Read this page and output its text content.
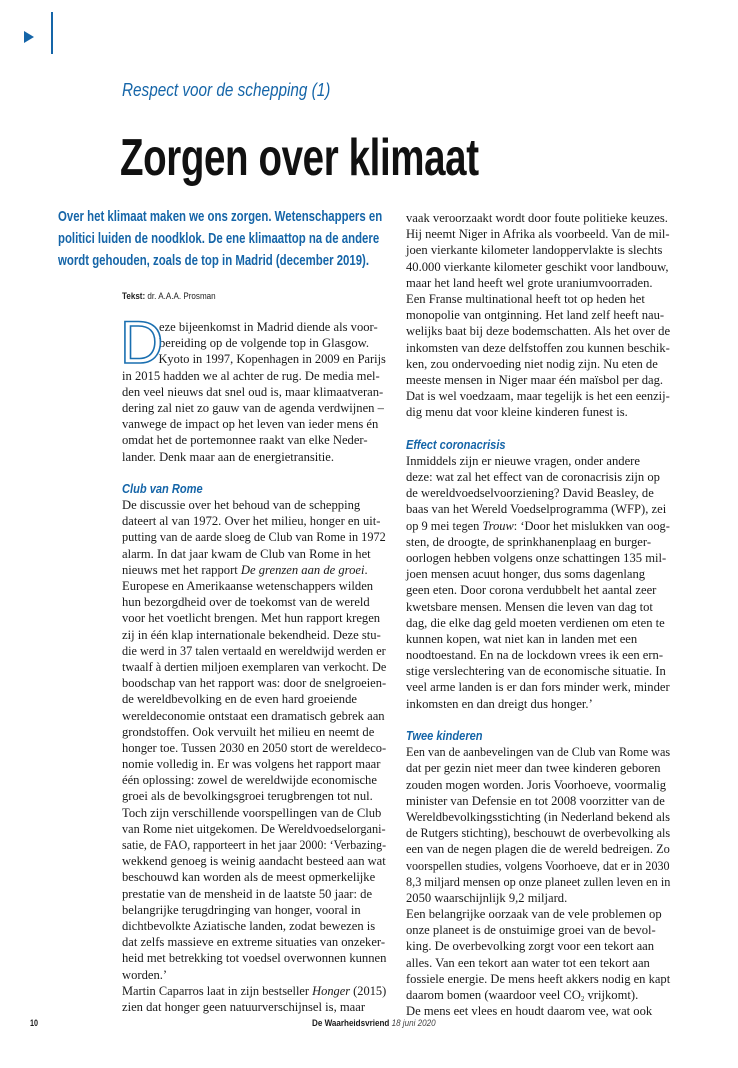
Respect voor de schepping (1)
Zorgen over klimaat
Over het klimaat maken we ons zorgen. Wetenschappers en
politici luiden de noodklok. De ene klimaattop na de andere
wordt gehouden, zoals de top in Madrid (december 2019).
Tekst: dr. A.A.A. Prosman
D
eze bijeenkomst in Madrid diende als voor-
bereiding op de volgende top in Glasgow.
Kyoto in 1997, Kopenhagen in 2009 en Parijs
in 2015 hadden we al achter de rug. De media mel-
den veel nieuws dat snel oud is, maar klimaatveran-
dering zal niet zo gauw van de agenda verdwijnen –
vanwege de impact op het leven van ieder mens én
omdat het de portemonnee raakt van elke Neder-
lander. Denk maar aan de energietransitie.
Club van Rome
De discussie over het behoud van de schepping
dateert al van 1972. Over het milieu, honger en uit-
putting van de aarde sloeg de Club van Rome in 1972
alarm. In dat jaar kwam de Club van Rome in het
nieuws met het rapport De grenzen aan de groei.
Europese en Amerikaanse wetenschappers wilden
hun bezorgdheid over de toekomst van de wereld
voor het voetlicht brengen. Met hun rapport kregen
zij in één klap internationale bekendheid. Deze stu-
die werd in 37 talen vertaald en wereldwijd werden er
twaalf à dertien miljoen exemplaren van verkocht. De
boodschap van het rapport was: door de snelgroeien-
de wereldbevolking en de even hard groeiende
wereldeconomie ontstaat een dramatisch gebrek aan
grondstoffen. Ook vervuilt het milieu en neemt de
honger toe. Tussen 2030 en 2050 stort de wereldeco-
nomie volledig in. Er was volgens het rapport maar
één oplossing: zowel de wereldwijde economische
groei als de bevolkingsgroei terugbrengen tot nul.
Toch zijn verschillende voorspellingen van de Club
van Rome niet uitgekomen. De Wereldvoedselorgani-
satie, de FAO, rapporteert in het jaar 2000: ‘Verbazing-
wekkend genoeg is weinig aandacht besteed aan wat
beschouwd kan worden als de meest opmerkelijke
prestatie van de mensheid in de laatste 50 jaar: de
belangrijke terugdringing van honger, vooral in
dichtbevolkte Aziatische landen, zodat bewezen is
dat zelfs massieve en extreme situaties van onzeker-
heid met betrekking tot voedsel overwonnen kunnen
worden.’
Martin Caparros laat in zijn bestseller Honger (2015)
zien dat honger geen natuurverschijnsel is, maar
vaak veroorzaakt wordt door foute politieke keuzes.
Hij neemt Niger in Afrika als voorbeeld. Van de mil-
joen vierkante kilometer landoppervlakte is slechts
40.000 vierkante kilometer geschikt voor landbouw,
maar het land heeft wel grote uraniumvoorraden.
Een Franse multinational heeft tot op heden het
monopolie van ontginning. Het land zelf heeft nau-
welijks baat bij deze bodemschatten. Als het over de
inkomsten van deze delfstoffen zou kunnen beschik-
ken, zou ondervoeding niet nodig zijn. Nu eten de
meeste mensen in Niger maar één maïsbol per dag.
Dat is wel voedzaam, maar tegelijk is het een eenzij-
dig menu dat voor kleine kinderen funest is.
Effect coronacrisis
Inmiddels zijn er nieuwe vragen, onder andere
deze: wat zal het effect van de coronacrisis zijn op
de wereldvoedselvoorziening? David Beasley, de
baas van het Wereld Voedselprogramma (WFP), zei
op 9 mei tegen Trouw: ‘Door het mislukken van oog-
sten, de droogte, de sprinkhanenplaag en burger-
oorlogen hebben volgens onze schattingen 135 mil-
joen mensen acuut honger, dus soms dagenlang
geen eten. Door corona verdubbelt het aantal zeer
kwetsbare mensen. Mensen die leven van dag tot
dag, die elke dag geld moeten verdienen om eten te
kunnen kopen, wat niet kan in landen met een
noodtoestand. En na de lockdown vrees ik een ern-
stige verslechtering van de economische situatie. In
veel arme landen is er dan fors minder werk, minder
inkomsten en dan dreigt dus honger.’
Twee kinderen
Een van de aanbevelingen van de Club van Rome was
dat per gezin niet meer dan twee kinderen geboren
zouden mogen worden. Joris Voorhoeve, voormalig
minister van Defensie en tot 2008 voorzitter van de
Wereldbevolkingsstichting (in Nederland bekend als
de Rutgers stichting), beschouwt de overbevolking als
een van de negen plagen die de wereld bedreigen. Zo
voorspellen studies, volgens Voorhoeve, dat er in 2030
8,3 miljard mensen op onze planeet zullen leven en in
2050 waarschijnlijk 9,2 miljard.
Een belangrijke oorzaak van de vele problemen op
onze planeet is de onstuimige groei van de bevol-
king. De overbevolking zorgt voor een tekort aan
alles. Van een tekort aan water tot een tekort aan
fossiele energie. De mens heeft akkers nodig en kapt
daarom bomen (waardoor veel $CO_2$ vrijkomt).
De mens eet vlees en houdt daarom vee, wat ook
10	De Waarheidsvriend 18 juni 2020
